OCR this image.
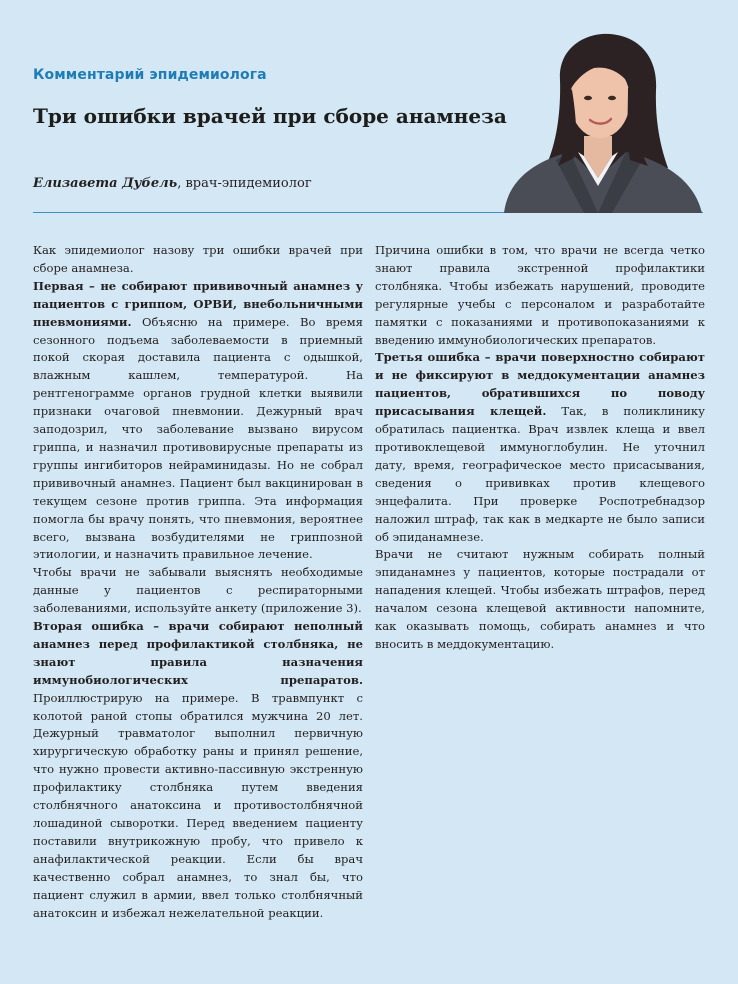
Комментарий эпидемиолога
Три ошибки врачей при сборе анамнеза
Елизавета Дубель, врач-эпидемиолог

Как эпидемиолог назову три ошибки врачей при сборе анамнеза.

Первая – не собирают прививочный анамнез у пациентов с гриппом, ОРВИ, внебольничными пневмониями. Объясню на примере. Во время сезонного подъема заболеваемости в приемный покой скорая доставила пациента с одышкой, влажным кашлем, температурой. На рентгенограмме органов грудной клетки выявили признаки очаговой пневмонии. Дежурный врач заподозрил, что заболевание вызвано вирусом гриппа, и назначил противовирусные препараты из группы ингибиторов нейраминидазы. Но не собрал прививочный анамнез. Пациент был вакцинирован в текущем сезоне против гриппа. Эта информация помогла бы врачу понять, что пневмония, вероятнее всего, вызвана возбудителями не гриппозной этиологии, и назначить правильное лечение.

Чтобы врачи не забывали выяснять необходимые данные у пациентов с респираторными заболеваниями, используйте анкету (приложение 3).

Вторая ошибка – врачи собирают неполный анамнез перед профилактикой столбняка, не знают правила назначения иммунобиологических препаратов. Проиллюстрирую на примере. В травмпункт с колотой раной стопы обратился мужчина 20 лет. Дежурный травматолог выполнил первичную хирургическую обработку раны и принял решение, что нужно провести активно-пассивную экстренную профилактику столбняка путем введения столбнячного анатоксина и противостолбнячной лошадиной сыворотки. Перед введением пациенту поставили внутрикожную пробу, что привело к анафилактической реакции. Если бы врач качественно собрал анамнез, то знал бы, что пациент служил в армии, ввел только столбнячный анатоксин и избежал нежелательной реакции.

Причина ошибки в том, что врачи не всегда четко знают правила экстренной профилактики столбняка. Чтобы избежать нарушений, проводите регулярные учебы с персоналом и разработайте памятки с показаниями и противопоказаниями к введению иммунобиологических препаратов.

Третья ошибка – врачи поверхностно собирают и не фиксируют в меддокументации анамнез пациентов, обратившихся по поводу присасывания клещей. Так, в поликлинику обратилась пациентка. Врач извлек клеща и ввел противоклещевой иммуноглобулин. Не уточнил дату, время, географическое место присасывания, сведения о прививках против клещевого энцефалита. При проверке Роспотребнадзор наложил штраф, так как в медкарте не было записи об эпиданамнезе.

Врачи не считают нужным собирать полный эпиданамнез у пациентов, которые пострадали от нападения клещей. Чтобы избежать штрафов, перед началом сезона клещевой активности напомните, как оказывать помощь, собирать анамнез и что вносить в меддокументацию.
